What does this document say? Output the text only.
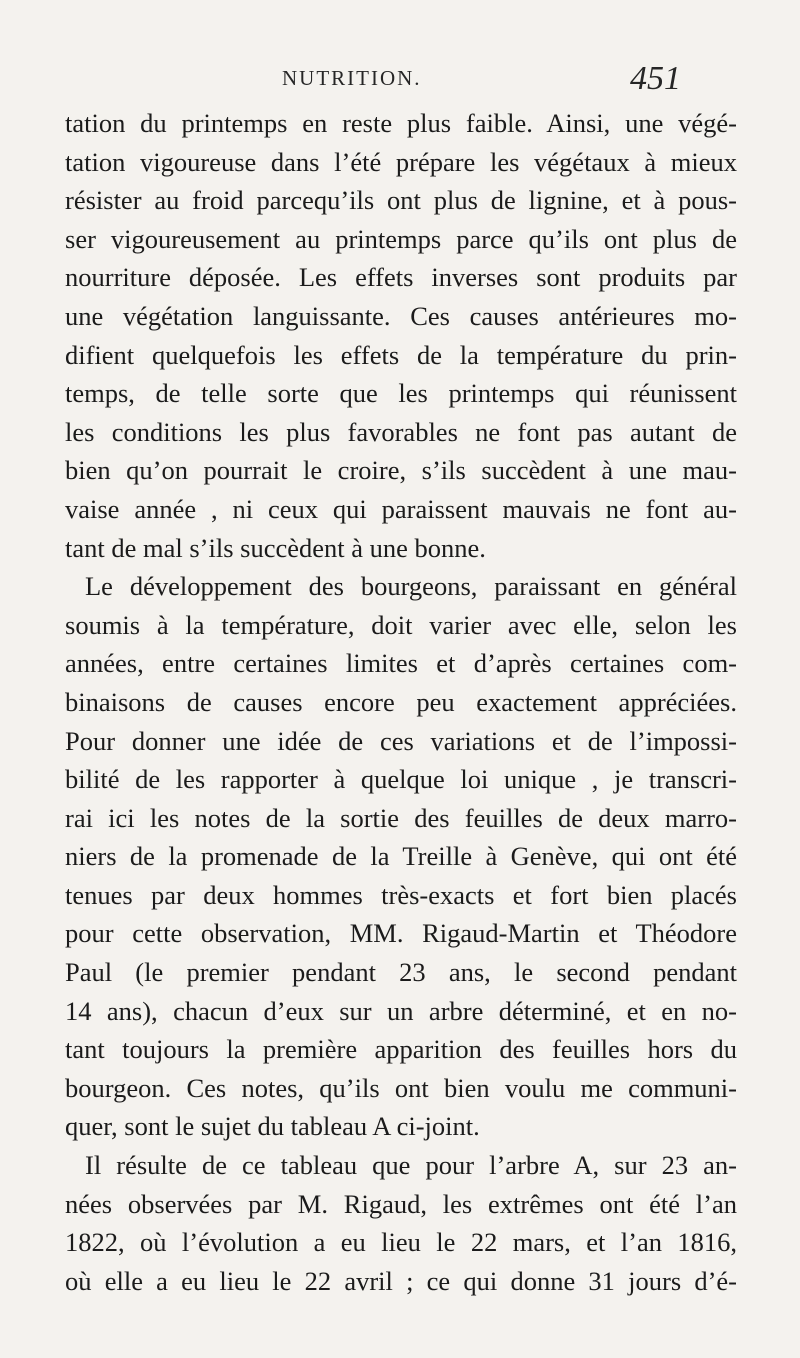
NUTRITION.	451
tation du printemps en reste plus faible. Ainsi, une végé-
tation vigoureuse dans l’été prépare les végétaux à mieux
résister au froid parcequ’ils ont plus de lignine, et à pous-
ser vigoureusement au printemps parce qu’ils ont plus de
nourriture déposée. Les effets inverses sont produits par
une végétation languissante. Ces causes antérieures mo-
difient quelquefois les effets de la température du prin-
temps, de telle sorte que les printemps qui réunissent
les conditions les plus favorables ne font pas autant de
bien qu’on pourrait le croire, s’ils succèdent à une mau-
vaise année , ni ceux qui paraissent mauvais ne font au-
tant de mal s’ils succèdent à une bonne.
Le développement des bourgeons, paraissant en général
soumis à la température, doit varier avec elle, selon les
années, entre certaines limites et d’après certaines com-
binaisons de causes encore peu exactement appréciées.
Pour donner une idée de ces variations et de l’impossi-
bilité de les rapporter à quelque loi unique , je transcri-
rai ici les notes de la sortie des feuilles de deux marro-
niers de la promenade de la Treille à Genève, qui ont été
tenues par deux hommes très-exacts et fort bien placés
pour cette observation, MM. Rigaud-Martin et Théodore
Paul (le premier pendant 23 ans, le second pendant
14 ans), chacun d’eux sur un arbre déterminé, et en no-
tant toujours la première apparition des feuilles hors du
bourgeon. Ces notes, qu’ils ont bien voulu me communi-
quer, sont le sujet du tableau A ci-joint.
Il résulte de ce tableau que pour l’arbre A, sur 23 an-
nées observées par M. Rigaud, les extrêmes ont été l’an
1822, où l’évolution a eu lieu le 22 mars, et l’an 1816,
où elle a eu lieu le 22 avril ; ce qui donne 31 jours d’é-
